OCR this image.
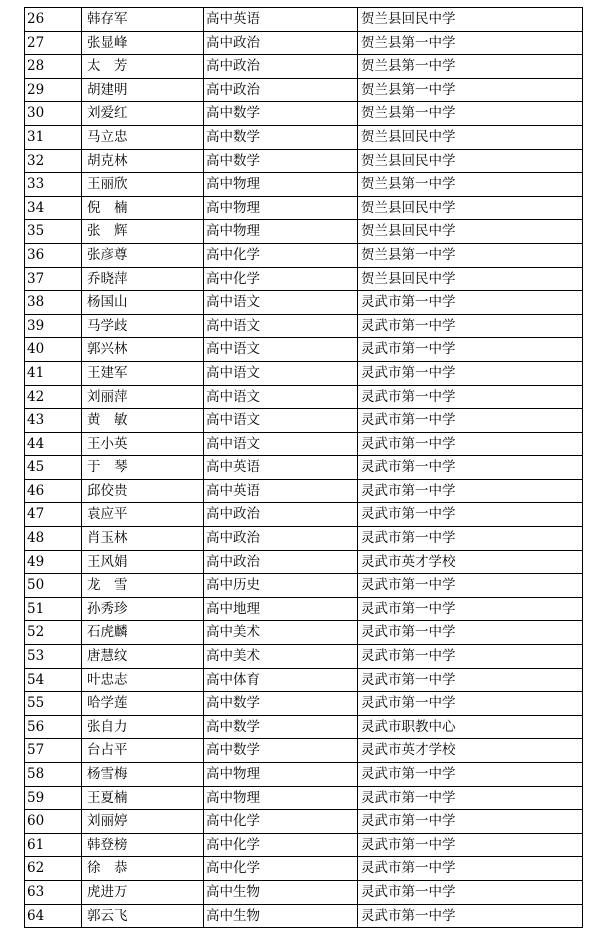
26	韩存军	高中英语	贺兰县回民中学
27	张显峰	高中政治	贺兰县第一中学
28	太　芳	高中政治	贺兰县第一中学
29	胡建明	高中政治	贺兰县第一中学
30	刘爱红	高中数学	贺兰县第一中学
31	马立忠	高中数学	贺兰县回民中学
32	胡克林	高中数学	贺兰县回民中学
33	王丽欣	高中物理	贺兰县第一中学
34	倪　楠	高中物理	贺兰县回民中学
35	张　辉	高中物理	贺兰县回民中学
36	张彦尊	高中化学	贺兰县第一中学
37	乔晓萍	高中化学	贺兰县回民中学
38	杨国山	高中语文	灵武市第一中学
39	马学歧	高中语文	灵武市第一中学
40	郭兴林	高中语文	灵武市第一中学
41	王建军	高中语文	灵武市第一中学
42	刘丽萍	高中语文	灵武市第一中学
43	黄　敏	高中语文	灵武市第一中学
44	王小英	高中语文	灵武市第一中学
45	于　琴	高中英语	灵武市第一中学
46	邱佼贵	高中英语	灵武市第一中学
47	袁应平	高中政治	灵武市第一中学
48	肖玉林	高中政治	灵武市第一中学
49	王风娟	高中政治	灵武市英才学校
50	龙　雪	高中历史	灵武市第一中学
51	孙秀珍	高中地理	灵武市第一中学
52	石虎麟	高中美术	灵武市第一中学
53	唐慧纹	高中美术	灵武市第一中学
54	叶忠志	高中体育	灵武市第一中学
55	哈学莲	高中数学	灵武市第一中学
56	张自力	高中数学	灵武市职教中心
57	台占平	高中数学	灵武市英才学校
58	杨雪梅	高中物理	灵武市第一中学
59	王夏楠	高中物理	灵武市第一中学
60	刘丽婷	高中化学	灵武市第一中学
61	韩登榜	高中化学	灵武市第一中学
62	徐　恭	高中化学	灵武市第一中学
63	虎进万	高中生物	灵武市第一中学
64	郭云飞	高中生物	灵武市第一中学
